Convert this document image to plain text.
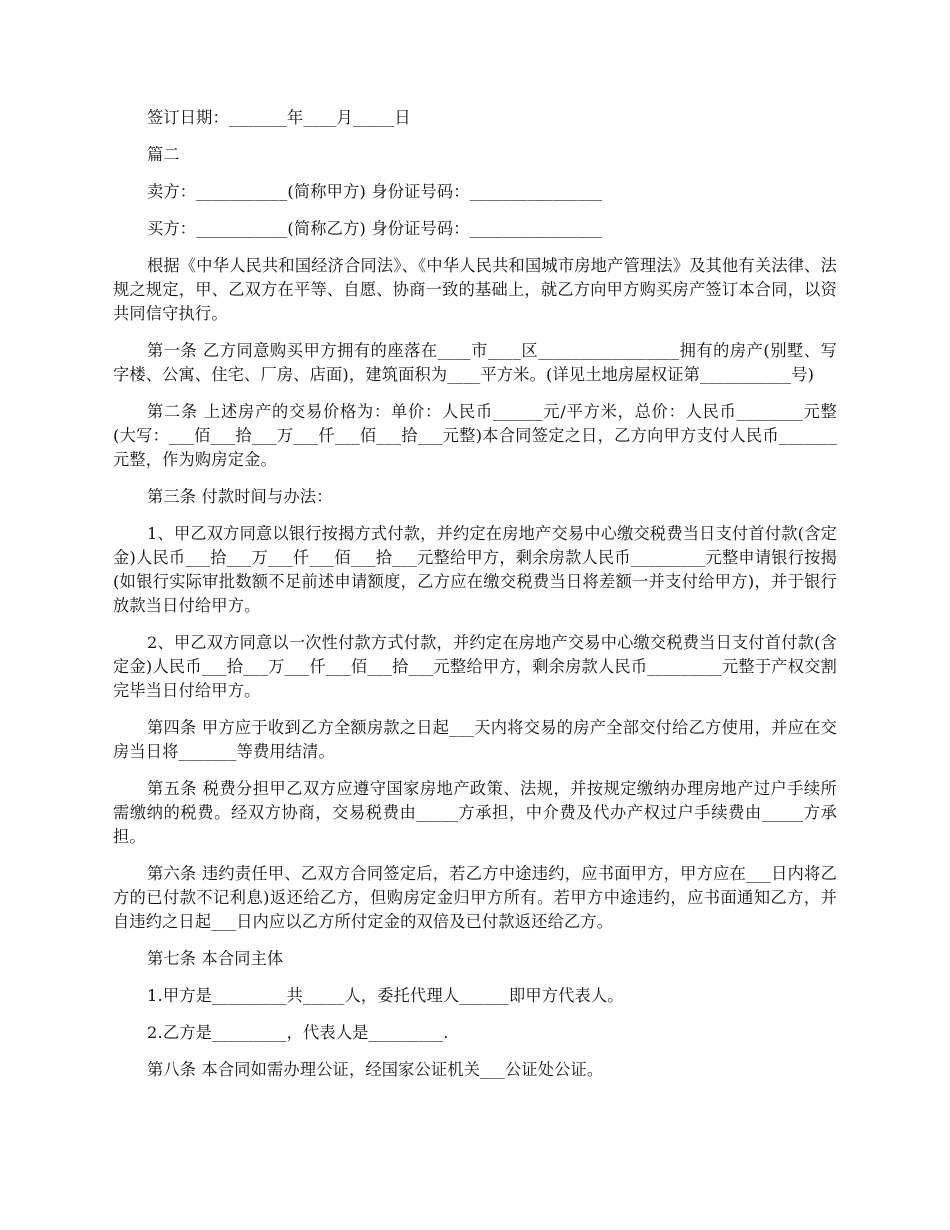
签订日期：_______年____月_____日

篇二

卖方：___________(简称甲方) 身份证号码：________________

买方：___________(简称乙方) 身份证号码：________________

根据《中华人民共和国经济合同法》、《中华人民共和国城市房地产管理法》及其他有关法律、法规之规定，甲、乙双方在平等、自愿、协商一致的基础上，就乙方向甲方购买房产签订本合同，以资共同信守执行。

第一条 乙方同意购买甲方拥有的座落在____市____区_________________拥有的房产(别墅、写字楼、公寓、住宅、厂房、店面)，建筑面积为____平方米。(详见土地房屋权证第___________号)

第二条 上述房产的交易价格为：单价：人民币______元/平方米，总价：人民币________元整(大写：___佰___拾___万___仟___佰___拾___元整)本合同签定之日，乙方向甲方支付人民币_______元整，作为购房定金。

第三条 付款时间与办法：

1、甲乙双方同意以银行按揭方式付款，并约定在房地产交易中心缴交税费当日支付首付款(含定金)人民币___拾___万___仟___佰___拾___元整给甲方，剩余房款人民币_________元整申请银行按揭(如银行实际审批数额不足前述申请额度，乙方应在缴交税费当日将差额一并支付给甲方)，并于银行放款当日付给甲方。

2、甲乙双方同意以一次性付款方式付款，并约定在房地产交易中心缴交税费当日支付首付款(含定金)人民币___拾___万___仟___佰___拾___元整给甲方，剩余房款人民币_________元整于产权交割完毕当日付给甲方。

第四条 甲方应于收到乙方全额房款之日起___天内将交易的房产全部交付给乙方使用，并应在交房当日将_______等费用结清。

第五条 税费分担甲乙双方应遵守国家房地产政策、法规，并按规定缴纳办理房地产过户手续所需缴纳的税费。经双方协商，交易税费由_____方承担，中介费及代办产权过户手续费由_____方承担。

第六条 违约责任甲、乙双方合同签定后，若乙方中途违约，应书面甲方，甲方应在___日内将乙方的已付款不记利息)返还给乙方，但购房定金归甲方所有。若甲方中途违约，应书面通知乙方，并自违约之日起___日内应以乙方所付定金的双倍及已付款返还给乙方。

第七条 本合同主体

1.甲方是_________共_____人，委托代理人______即甲方代表人。

2.乙方是_________，代表人是_________.

第八条 本合同如需办理公证，经国家公证机关___公证处公证。
